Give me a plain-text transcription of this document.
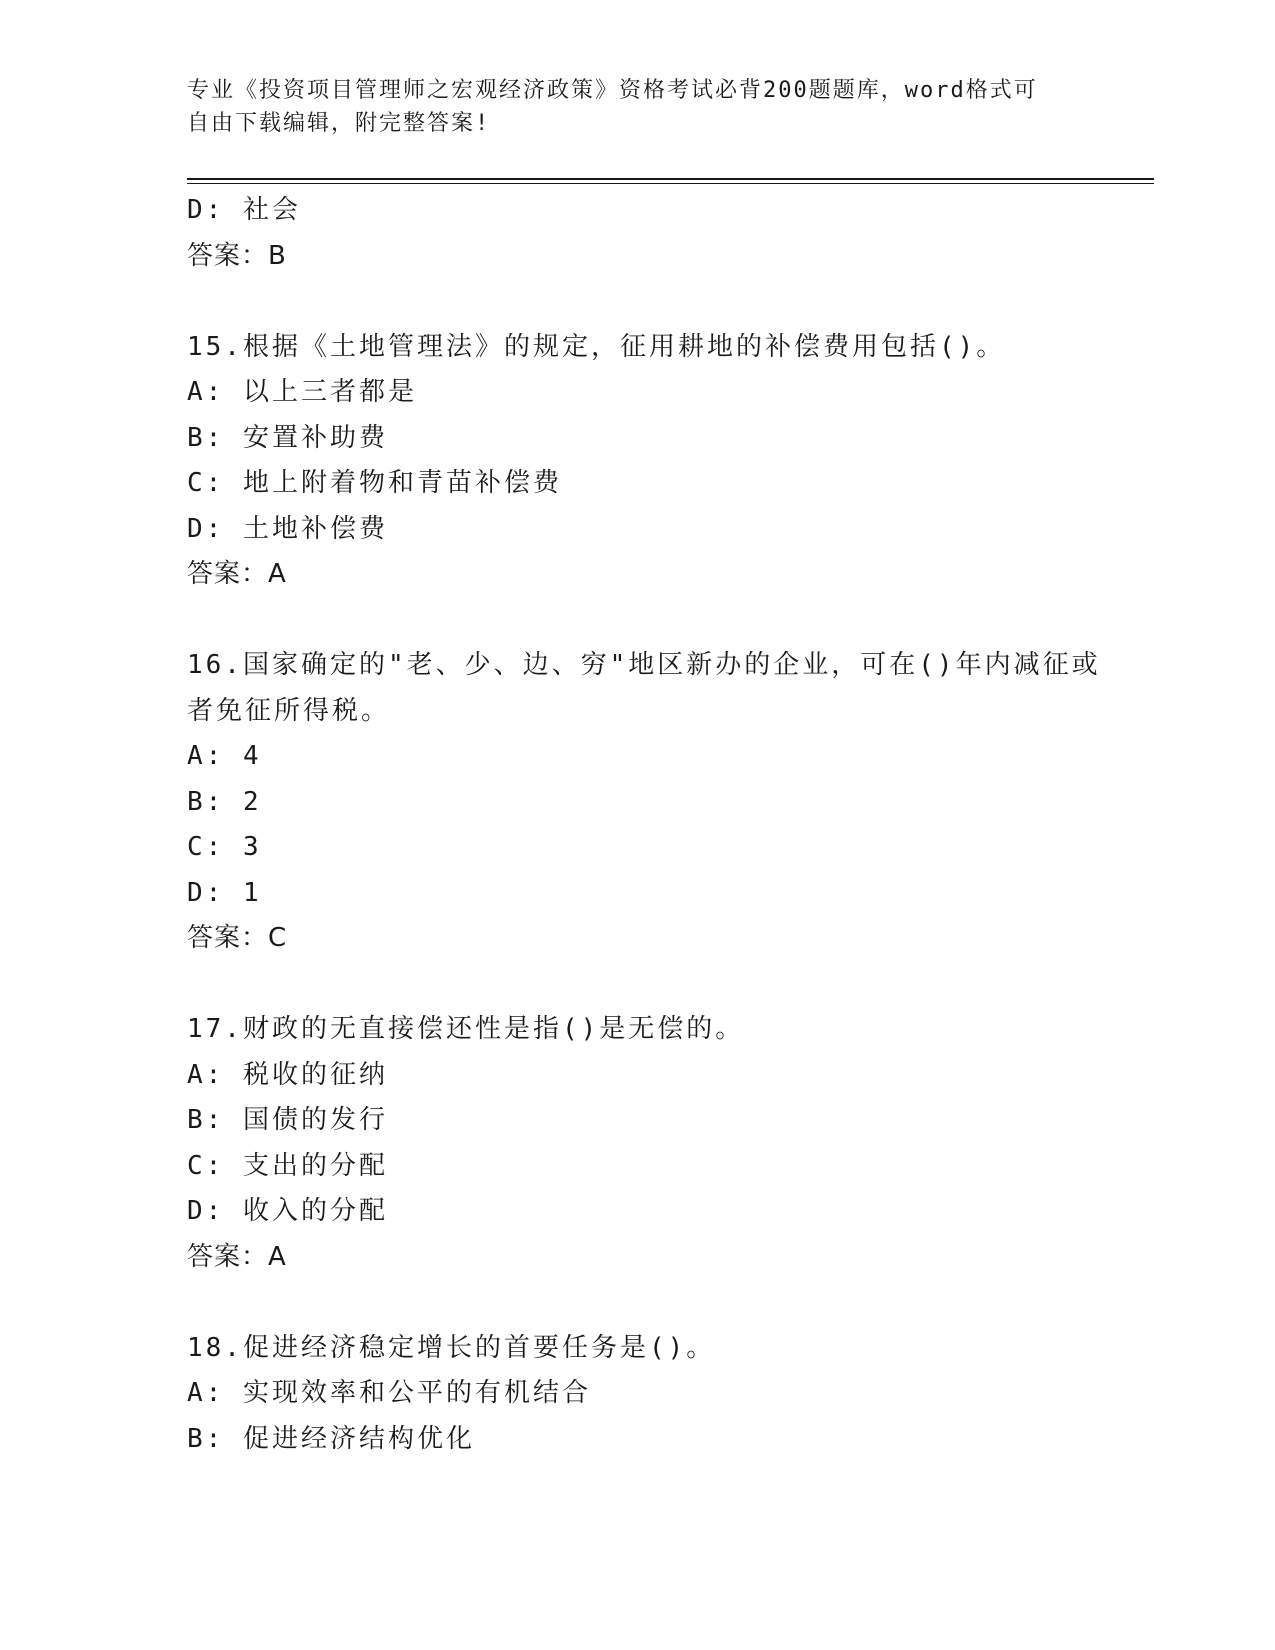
专业《投资项目管理师之宏观经济政策》资格考试必背200题题库，word格式可
自由下载编辑，附完整答案!
D: 社会
答案：B
15.根据《土地管理法》的规定，征用耕地的补偿费用包括()。
A: 以上三者都是
B: 安置补助费
C: 地上附着物和青苗补偿费
D: 土地补偿费
答案：A
16.国家确定的"老、少、边、穷"地区新办的企业，可在()年内减征或
者免征所得税。
A: 4
B: 2
C: 3
D: 1
答案：C
17.财政的无直接偿还性是指()是无偿的。
A: 税收的征纳
B: 国债的发行
C: 支出的分配
D: 收入的分配
答案：A
18.促进经济稳定增长的首要任务是()。
A: 实现效率和公平的有机结合
B: 促进经济结构优化
